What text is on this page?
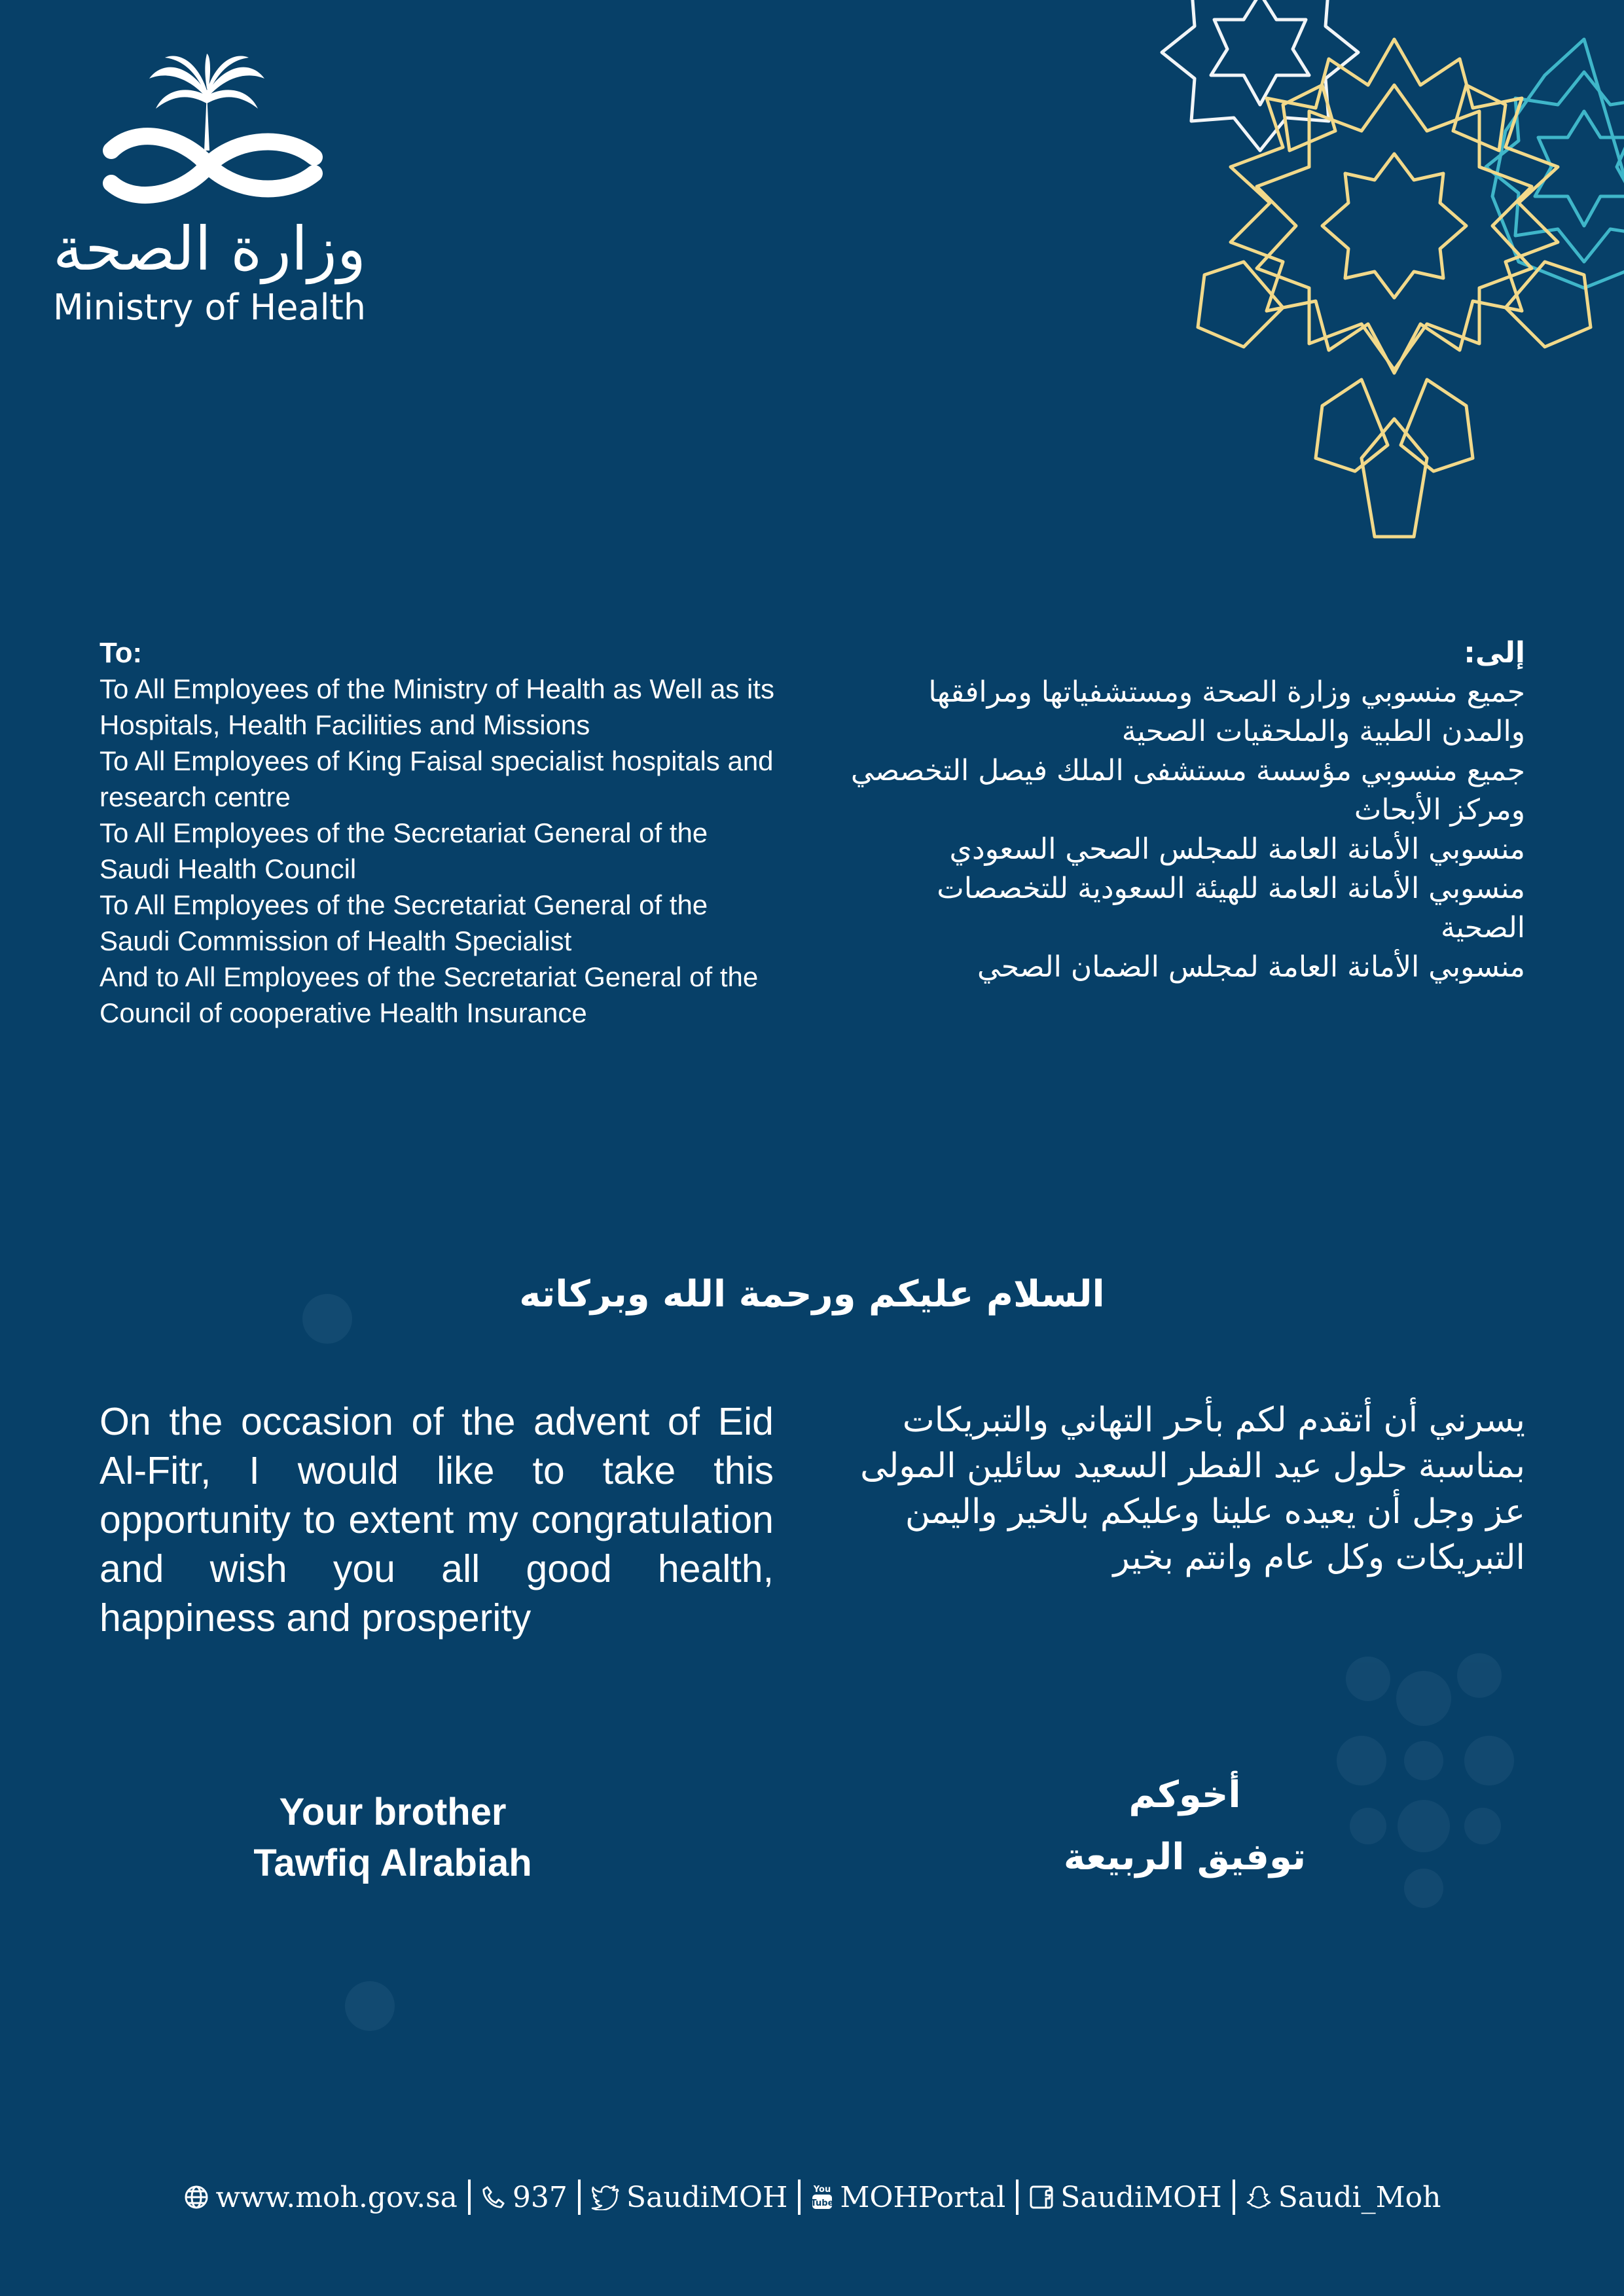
وزارة الصحة
Ministry of Health
To:
To All Employees of the Ministry of Health as Well as its Hospitals, Health Facilities and Missions
To All Employees of King Faisal specialist hospitals and research centre
To All Employees of the Secretariat General of the Saudi Health Council
To All Employees of the Secretariat General of the Saudi Commission of Health Specialist
And to All Employees of the Secretariat General of the Council of cooperative Health Insurance
إلى:
جميع منسوبي وزارة الصحة ومستشفياتها ومرافقها والمدن الطبية والملحقيات الصحية
جميع منسوبي مؤسسة مستشفى الملك فيصل التخصصي ومركز الأبحاث
منسوبي الأمانة العامة للمجلس الصحي السعودي
منسوبي الأمانة العامة للهيئة السعودية للتخصصات الصحية
منسوبي الأمانة العامة لمجلس الضمان الصحي
السلام عليكم ورحمة الله وبركاته
On the occasion of the advent of Eid Al-Fitr, I would like to take this opportunity to extent my congratulation and wish you all good health, happiness and prosperity
يسرني أن أتقدم لكم بأحر التهاني والتبريكات بمناسبة حلول عيد الفطر السعيد سائلين المولى عز وجل أن يعيده علينا وعليكم بالخير واليمن التبريكات وكل عام وانتم بخير
Your brother
Tawfiq Alrabiah
أخوكم
توفيق الربيعة
www.moh.gov.sa 937 SaudiMOH	Tube
You MOHPortal SaudiMOH Saudi_Moh
